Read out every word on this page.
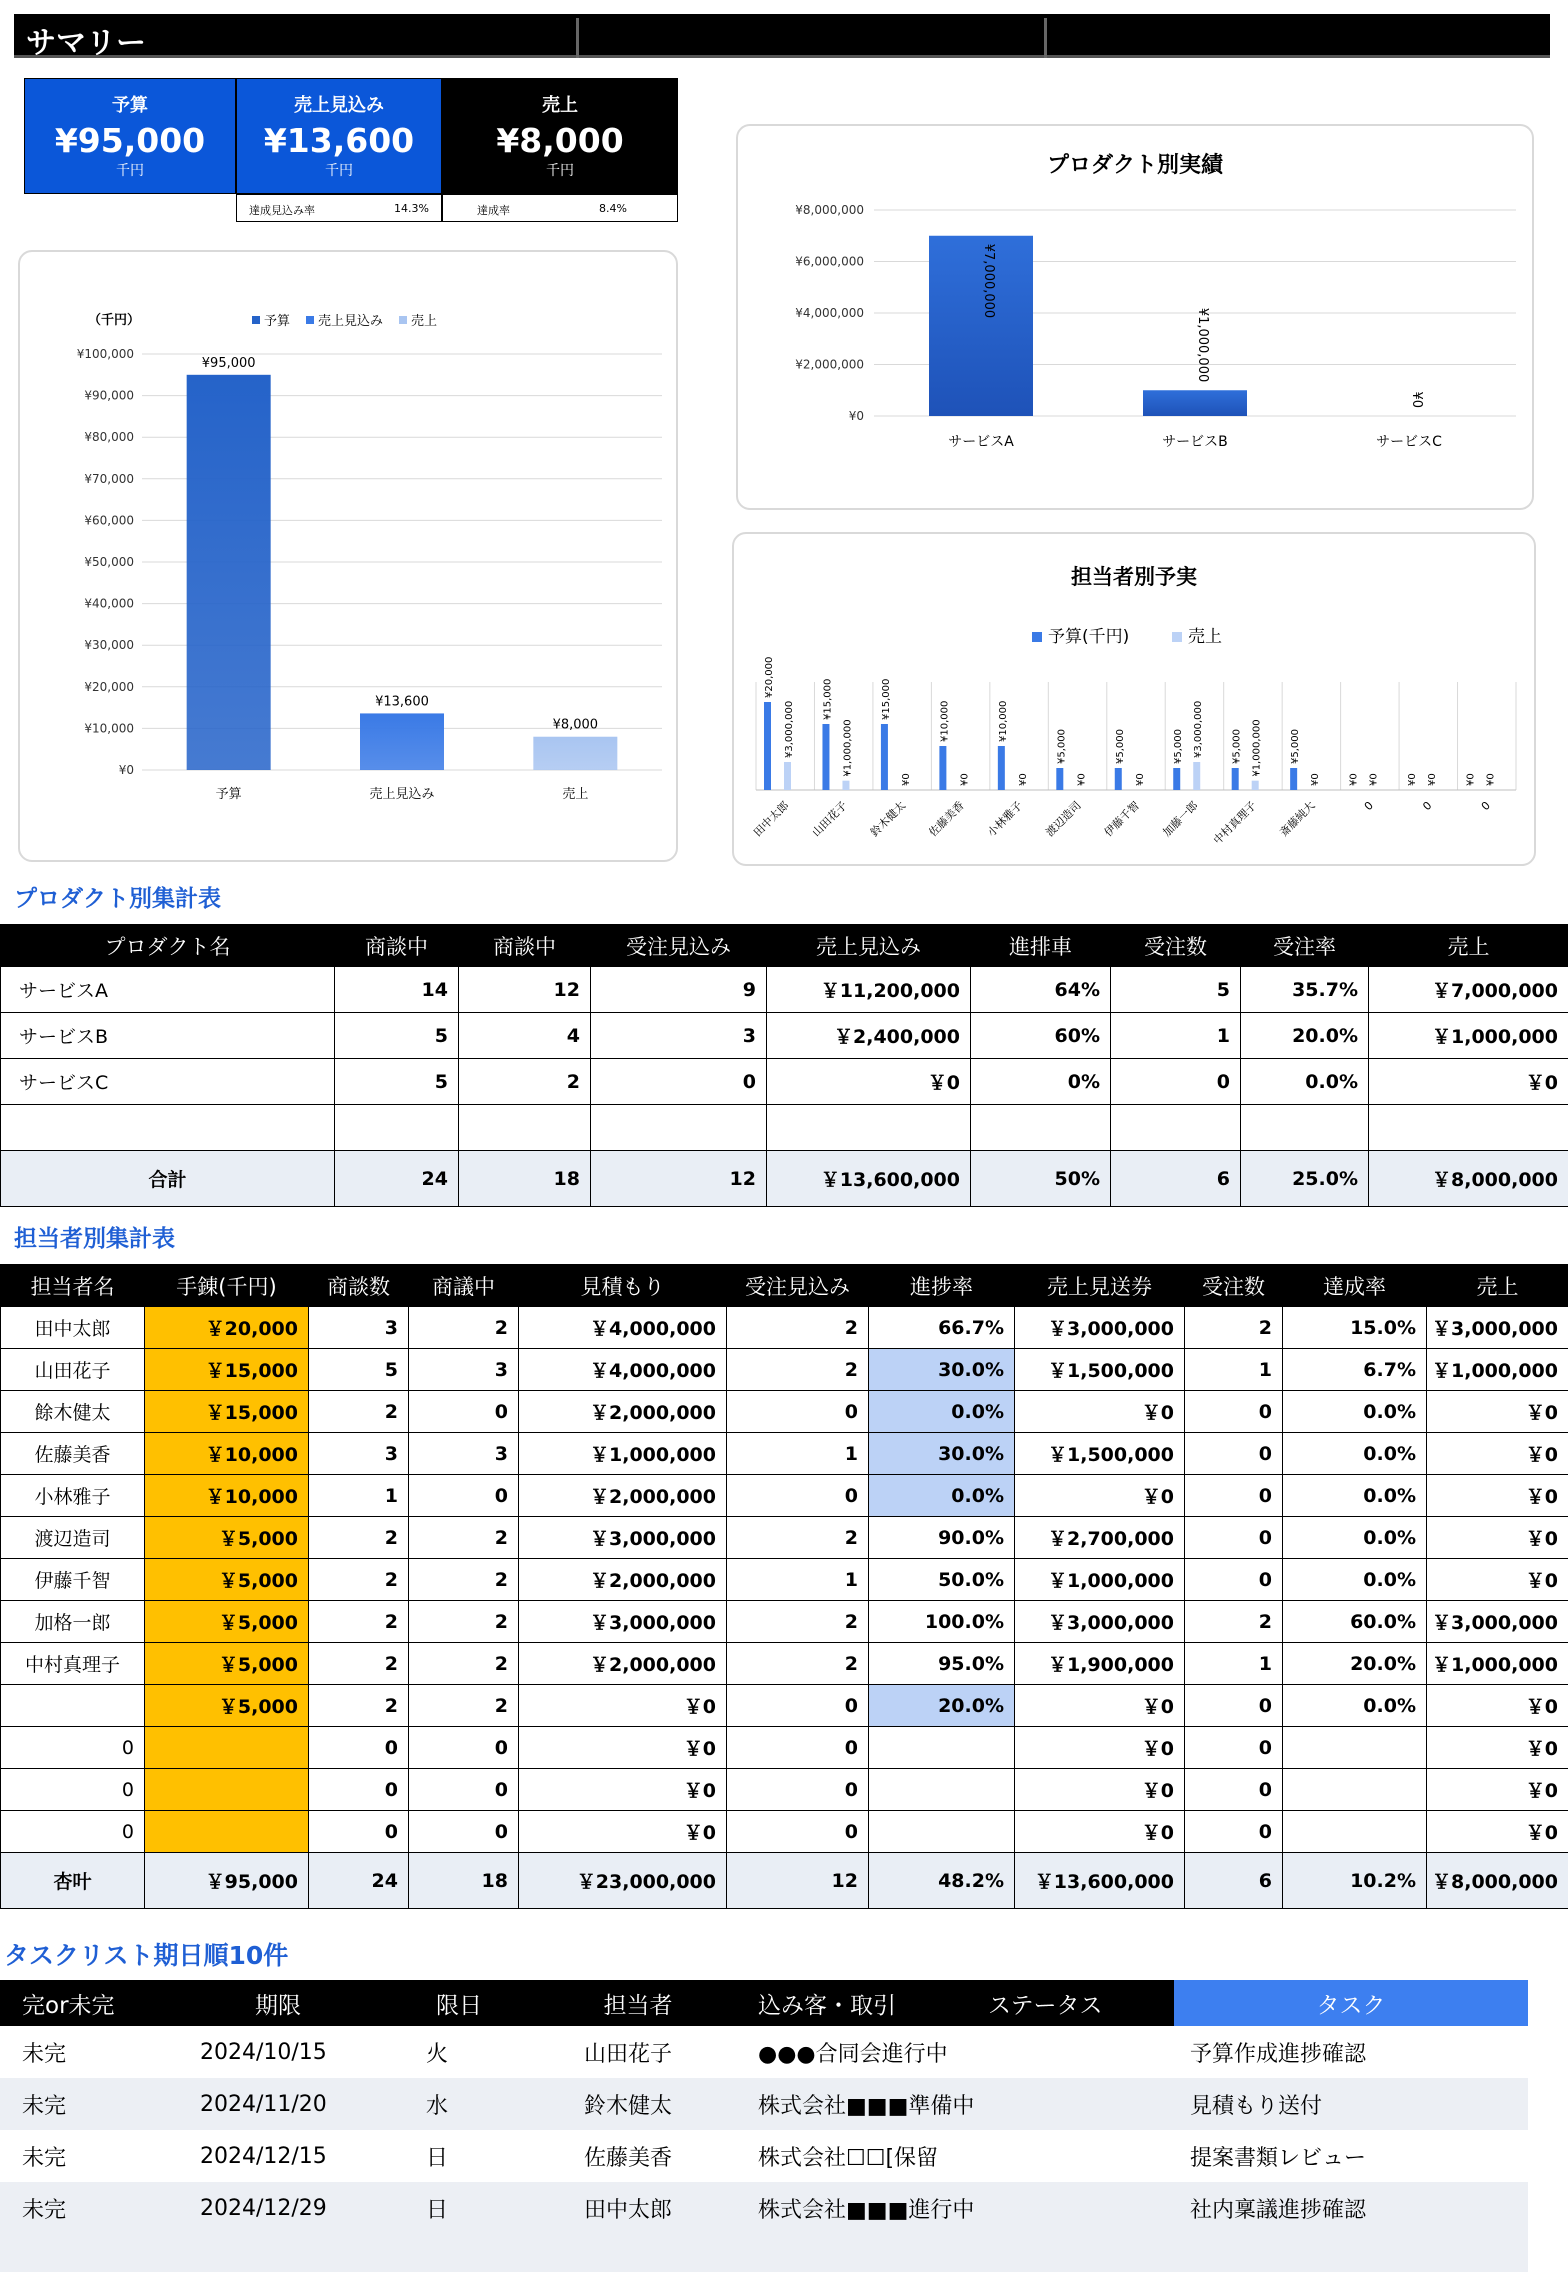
サマリー
予算
¥95,000
千円
売上見込み
¥13,600
千円
売上
¥8,000
千円
達成見込み率	14.3%	達成率	8.4%
（千円）
¥0
¥10,000
¥20,000
¥30,000
¥40,000
¥50,000
¥60,000
¥70,000
¥80,000
¥90,000
¥100,000
予算 売上見込み 売上
¥95,000
予算
¥13,600
売上見込み
¥8,000
売上
プロダクト別実績
¥0
¥2,000,000
¥4,000,000
¥6,000,000
¥8,000,000
¥7,000,000
サービスA
¥1,000,000
サービスB
¥0
サービスC
担当者別予実
予算(千円)	売上
¥20,000
¥3,000,000
田中太郎
¥15,000
¥1,000,000
山田花子
¥15,000
¥0
鈴木健太
¥10,000
¥0
佐藤美香
¥10,000
¥0
小林雅子
¥5,000
¥0
渡辺造司
¥5,000
¥0
伊藤千智
¥5,000 ¥3,000,000
加藤一郎
¥5,000 ¥1,000,000
中村真理子
¥5,000
¥0
斎藤純大
¥0 ¥0
0
¥0 ¥0
0
¥0 ¥0
0
プロダクト別集計表
プロダクト名	商談中	商談中	受注見込み	売上見込み	進排車	受注数	受注率	売上
サービスA	14	12	9	￥11,200,000	64%	5	35.7%	￥7,000,000
サービスB	5	4	3	￥2,400,000	60%	1	20.0%	￥1,000,000
サービスC	5	2	0	￥0	0%	0	0.0%	￥0

合計	24	18	12	￥13,600,000	50%	6	25.0%	￥8,000,000
担当者別集計表
担当者名	手錬(千円)	商談数	商議中	見積もり	受注見込み	進捗率	売上見送券	受注数	達成率	売上
田中太郎	￥20,000	3	2	￥4,000,000	2	66.7%	￥3,000,000	2	15.0%	￥3,000,000
山田花子	￥15,000	5	3	￥4,000,000	2	30.0%	￥1,500,000	1	6.7%	￥1,000,000
餘木健太	￥15,000	2	0	￥2,000,000	0	0.0%	￥0	0	0.0%	￥0
佐藤美香	￥10,000	3	3	￥1,000,000	1	30.0%	￥1,500,000	0	0.0%	￥0
小林雅子	￥10,000	1	0	￥2,000,000	0	0.0%	￥0	0	0.0%	￥0
渡辺造司	￥5,000	2	2	￥3,000,000	2	90.0%	￥2,700,000	0	0.0%	￥0
伊藤千智	￥5,000	2	2	￥2,000,000	1	50.0%	￥1,000,000	0	0.0%	￥0
加格一郎	￥5,000	2	2	￥3,000,000	2	100.0%	￥3,000,000	2	60.0%	￥3,000,000
中村真理子	￥5,000	2	2	￥2,000,000	2	95.0%	￥1,900,000	1	20.0%	￥1,000,000
	￥5,000	2	2	￥0	0	20.0%	￥0	0	0.0%	￥0
0		0	0	￥0	0		￥0	0		￥0
0		0	0	￥0	0		￥0	0		￥0
0		0	0	￥0	0		￥0	0		￥0
杏叶	￥95,000	24	18	￥23,000,000	12	48.2%	￥13,600,000	6	10.2%	￥8,000,000
タスクリスト期日順10件
完or未完	期限	限日	担当者	込み客・取引	ステータス	タスク
未完	2024/10/15	火	山田花子	●●●合同会進行中		予算作成進捗確認
未完	2024/11/20	水	鈴木健太	株式会社■■■準備中		見積もり送付
未完	2024/12/15	日	佐藤美香	株式会社☐☐[保留		提案書類レビュー
未完	2024/12/29	日	田中太郎	株式会社■■■進行中		社内稟議進捗確認
